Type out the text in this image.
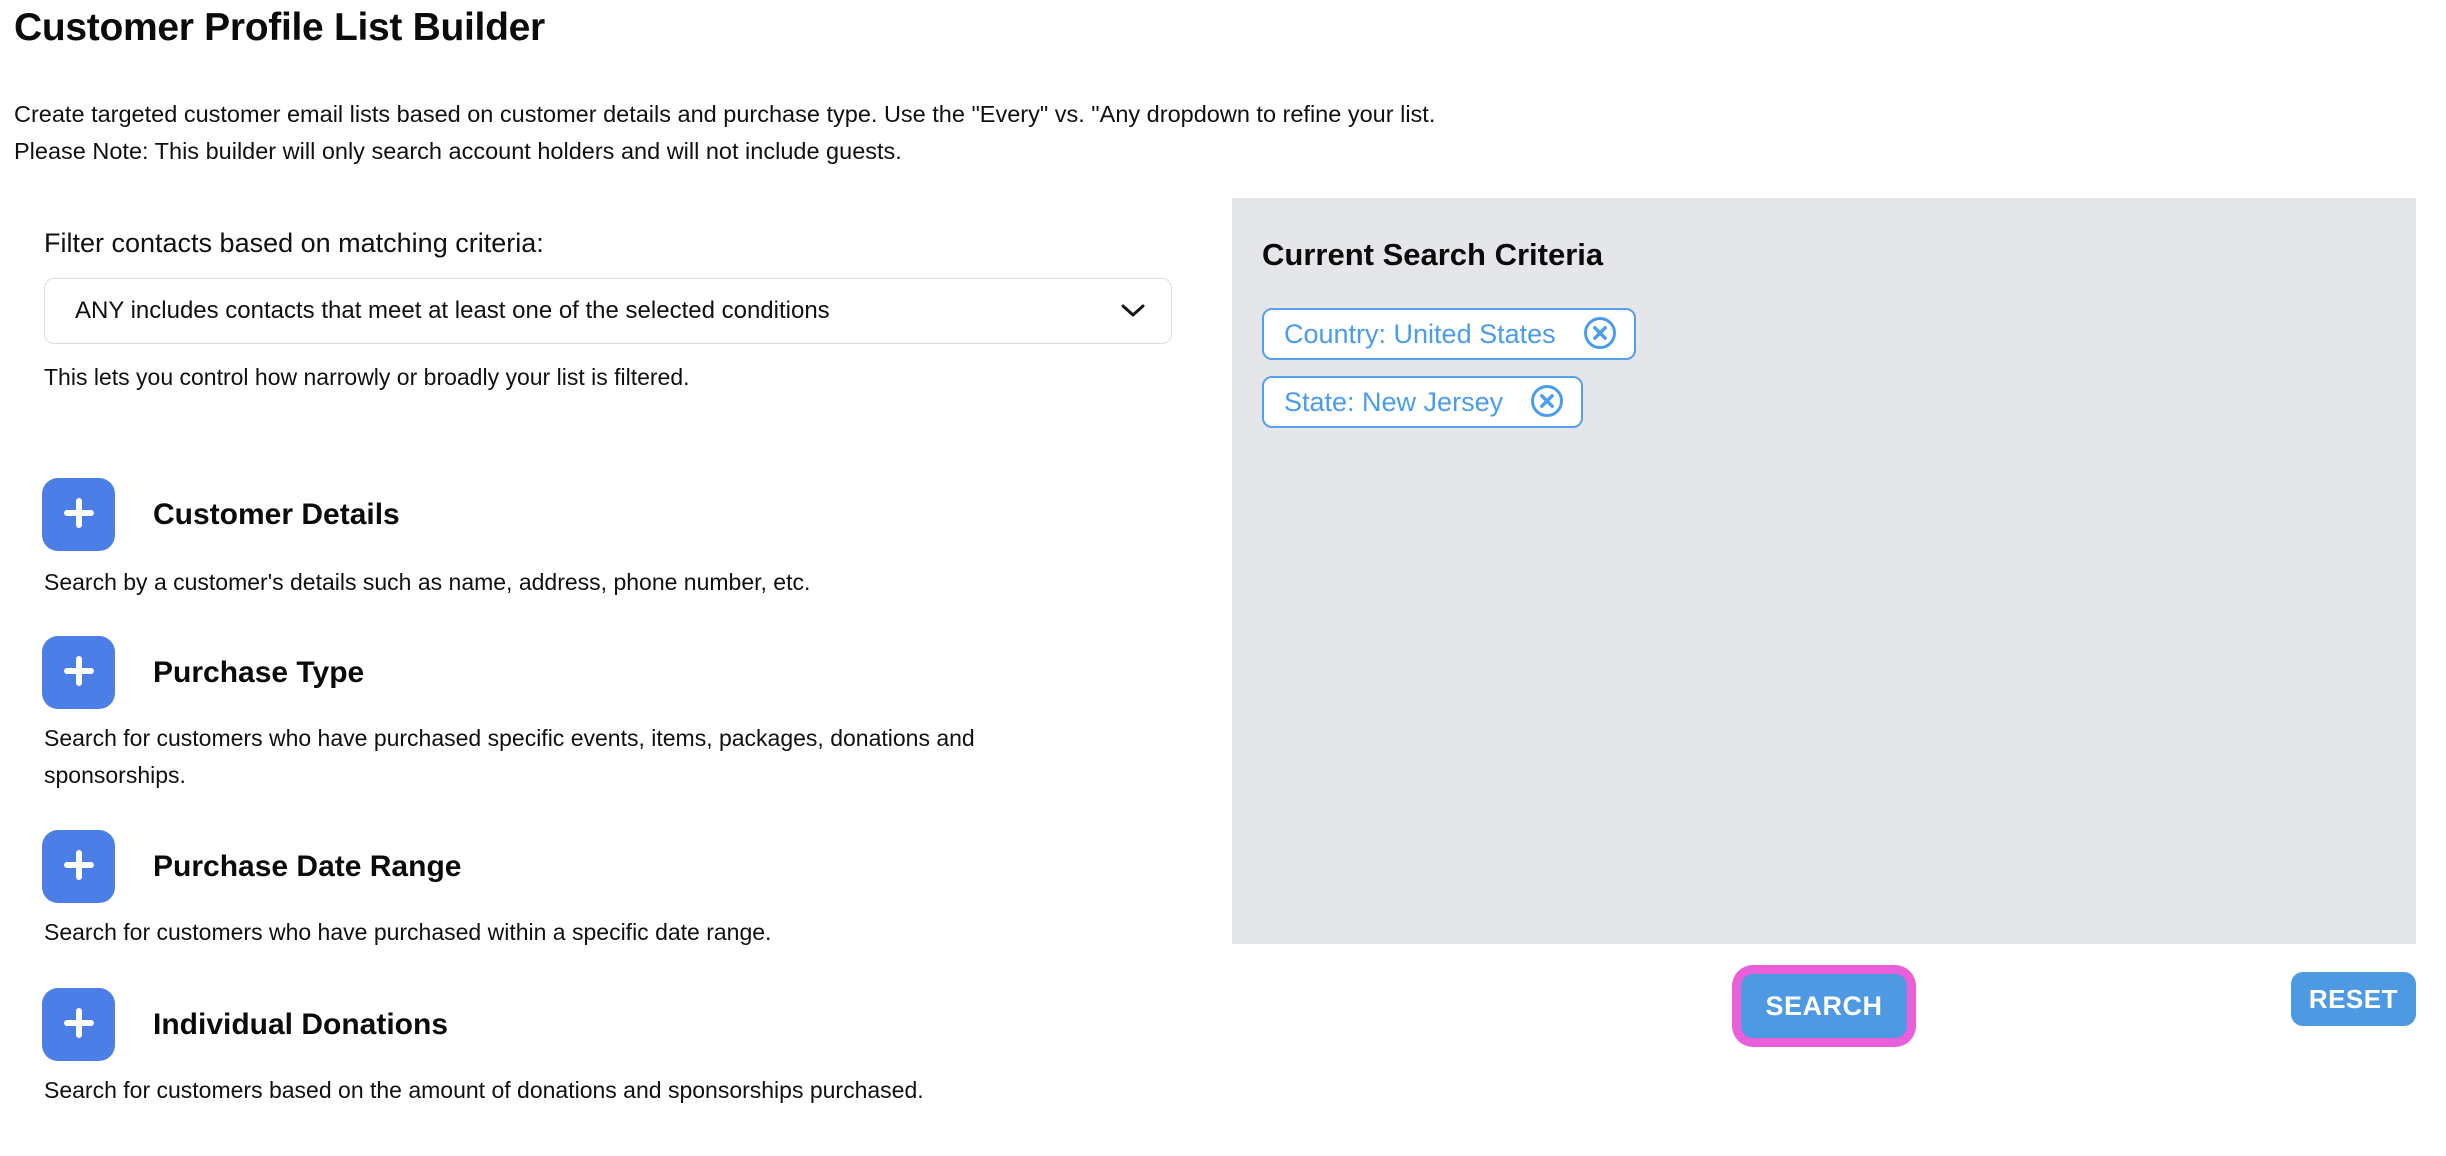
Customer Profile List Builder
Create targeted customer email lists based on customer details and purchase type. Use the "Every" vs. "Any dropdown to refine your list.
Please Note: This builder will only search account holders and will not include guests.
Filter contacts based on matching criteria:
ANY includes contacts that meet at least one of the selected conditions
This lets you control how narrowly or broadly your list is filtered.
Customer Details
Search by a customer's details such as name, address, phone number, etc.
Purchase Type
Search for customers who have purchased specific events, items, packages, donations and sponsorships.
Purchase Date Range
Search for customers who have purchased within a specific date range.
Individual Donations
Search for customers based on the amount of donations and sponsorships purchased.
Current Search Criteria
Country: United States
State: New Jersey
SEARCH	RESET
